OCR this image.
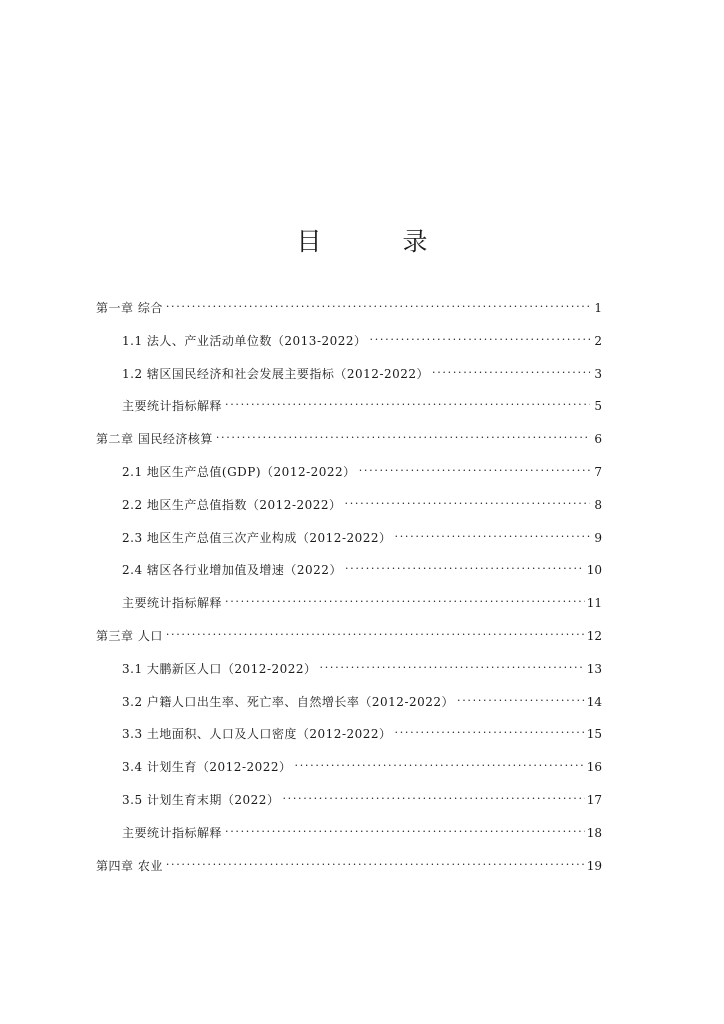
目　录
第一章 综合 . . .	1
1.1 法人、产业活动单位数（2013-2022） . . .	2
1.2 辖区国民经济和社会发展主要指标（2012-2022） . . .	3
主要统计指标解释 . . .	5
第二章 国民经济核算 . . .	6
2.1 地区生产总值(GDP)（2012-2022） . . .	7
2.2 地区生产总值指数（2012-2022） . . .	8
2.3 地区生产总值三次产业构成（2012-2022） . . .	9
2.4 辖区各行业增加值及增速（2022） . . .	10
主要统计指标解释 . . .	11
第三章 人口 . . .	12
3.1 大鹏新区人口（2012-2022） . . .	13
3.2 户籍人口出生率、死亡率、自然增长率（2012-2022） . . .	14
3.3 土地面积、人口及人口密度（2012-2022） . . .	15
3.4 计划生育（2012-2022） . . .	16
3.5 计划生育末期（2022） . . .	17
主要统计指标解释 . . .	18
第四章 农业 . . .	19
